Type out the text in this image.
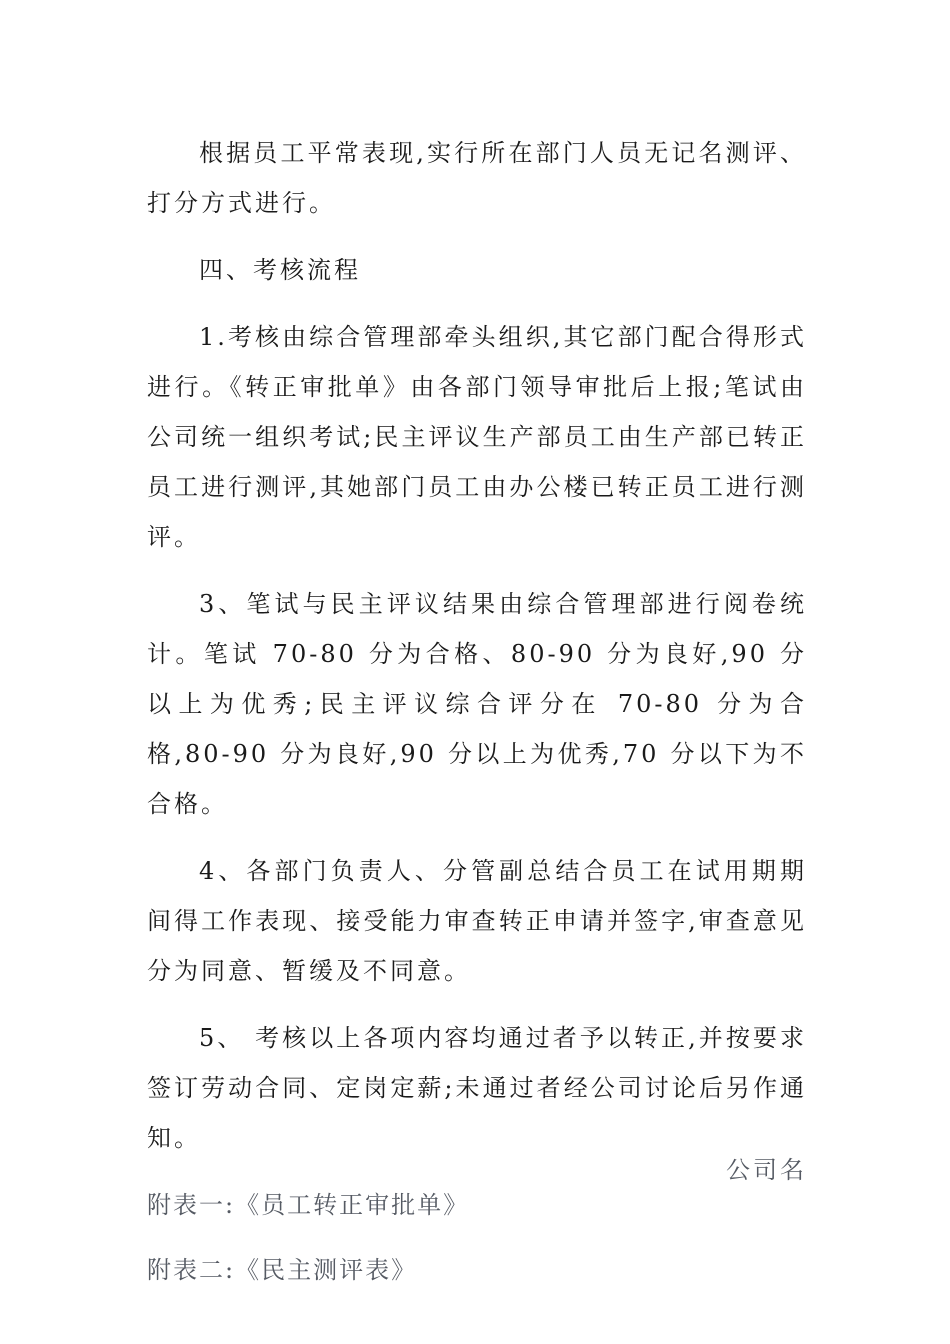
根据员工平常表现,实行所在部门人员无记名测评、打分方式进行。

四、考核流程

1.考核由综合管理部牵头组织,其它部门配合得形式进行。《转正审批单》由各部门领导审批后上报;笔试由公司统一组织考试;民主评议生产部员工由生产部已转正员工进行测评,其她部门员工由办公楼已转正员工进行测评。

3、笔试与民主评议结果由综合管理部进行阅卷统计。笔试 70-80 分为合格、80-90 分为良好,90 分以上为优秀;民主评议综合评分在 70-80 分为合格,80-90 分为良好,90 分以上为优秀,70 分以下为不合格。

4、各部门负责人、分管副总结合员工在试用期期间得工作表现、接受能力审查转正申请并签字,审查意见分为同意、暂缓及不同意。

5、 考核以上各项内容均通过者予以转正,并按要求签订劳动合同、定岗定薪;未通过者经公司讨论后另作通知。

附表一:《员工转正审批单》

附表二:《民主测评表》

公司名
